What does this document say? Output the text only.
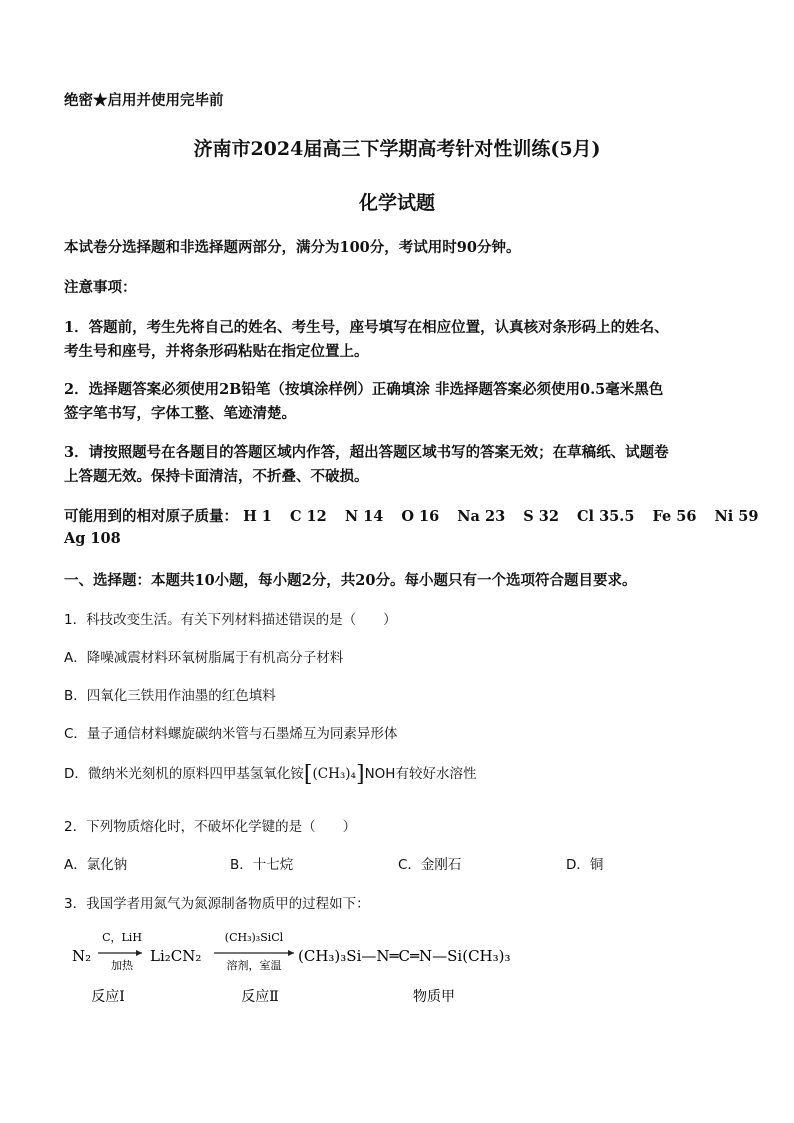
绝密★启用并使用完毕前
济南市2024届高三下学期高考针对性训练(5月)
化学试题
本试卷分选择题和非选择题两部分，满分为100分，考试用时90分钟。
注意事项：
1．答题前，考生先将自己的姓名、考生号，座号填写在相应位置，认真核对条形码上的姓名、
考生号和座号，并将条形码粘贴在指定位置上。
2．选择题答案必须使用2B铅笔（按填涂样例）正确填涂 非选择题答案必须使用0.5毫米黑色
签字笔书写，字体工整、笔迹清楚。
3．请按照题号在各题目的答题区域内作答，超出答题区域书写的答案无效；在草稿纸、试题卷
上答题无效。保持卡面清洁，不折叠、不破损。
可能用到的相对原子质量： H 1 C 12 N 14 O 16 Na 23 S 32 Cl 35.5 Fe 56 Ni 59
Ag 108
一、选择题：本题共10小题，每小题2分，共20分。每小题只有一个选项符合题目要求。
1．科技改变生活。有关下列材料描述错误的是（　　）
A．降噪减震材料环氧树脂属于有机高分子材料
B．四氧化三铁用作油墨的红色填料
C．量子通信材料螺旋碳纳米管与石墨烯互为同素异形体
D．微纳米光刻机的原料四甲基氢氧化铵[(CH₃)₄]NOH有较好水溶性
2．下列物质熔化时，不破坏化学键的是（　　）
A．氯化钠	B．十七烷	C．金刚石	D．铜
3．我国学者用氮气为氮源制备物质甲的过程如下：
N₂
C，LiH
加热
Li₂CN₂
(CH₃)₃SiCl
溶剂，室温
(CH₃)₃Si—N═C═N—Si(CH₃)₃
反应Ⅰ	反应Ⅱ	物质甲
